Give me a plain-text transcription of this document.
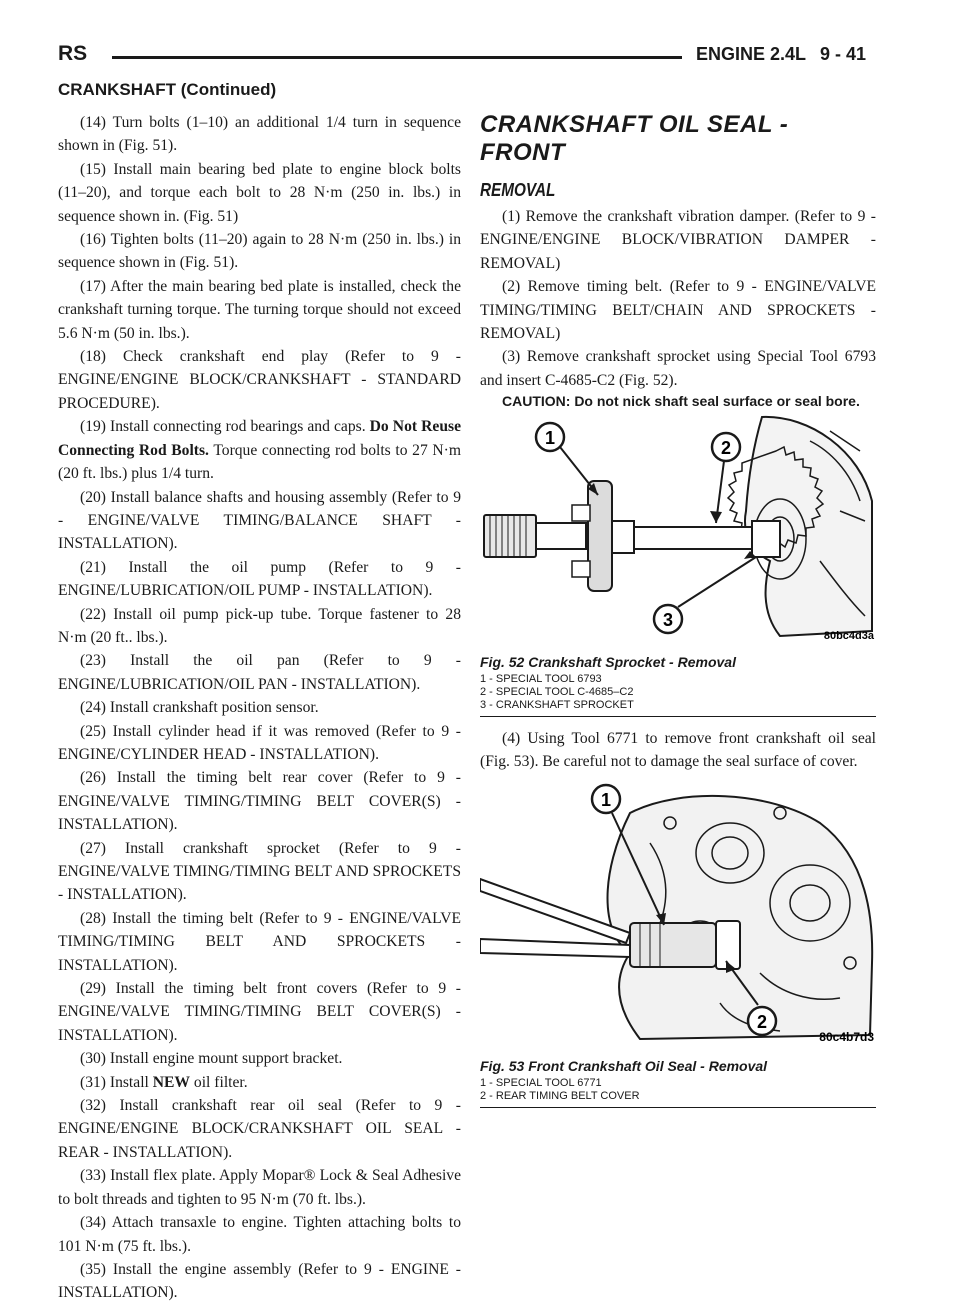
RS	ENGINE 2.4L 9 - 41
CRANKSHAFT (Continued)

(14) Turn bolts (1–10) an additional 1/4 turn in sequence shown in (Fig. 51).

(15) Install main bearing bed plate to engine block bolts (11–20), and torque each bolt to 28 N·m (250 in. lbs.) in sequence shown in. (Fig. 51)

(16) Tighten bolts (11–20) again to 28 N·m (250 in. lbs.) in sequence shown in (Fig. 51).

(17) After the main bearing bed plate is installed, check the crankshaft turning torque. The turning torque should not exceed 5.6 N·m (50 in. lbs.).

(18) Check crankshaft end play (Refer to 9 - ENGINE/ENGINE BLOCK/CRANKSHAFT - STANDARD PROCEDURE).

(19) Install connecting rod bearings and caps. Do Not Reuse Connecting Rod Bolts. Torque connecting rod bolts to 27 N·m (20 ft. lbs.) plus 1/4 turn.

(20) Install balance shafts and housing assembly (Refer to 9 - ENGINE/VALVE TIMING/BALANCE SHAFT - INSTALLATION).

(21) Install the oil pump (Refer to 9 - ENGINE/LUBRICATION/OIL PUMP - INSTALLATION).

(22) Install oil pump pick-up tube. Torque fastener to 28 N·m (20 ft.. lbs.).

(23) Install the oil pan (Refer to 9 - ENGINE/LUBRICATION/OIL PAN - INSTALLATION).

(24) Install crankshaft position sensor.

(25) Install cylinder head if it was removed (Refer to 9 - ENGINE/CYLINDER HEAD - INSTALLATION).

(26) Install the timing belt rear cover (Refer to 9 - ENGINE/VALVE TIMING/TIMING BELT COVER(S) - INSTALLATION).

(27) Install crankshaft sprocket (Refer to 9 - ENGINE/VALVE TIMING/TIMING BELT AND SPROCKETS - INSTALLATION).

(28) Install the timing belt (Refer to 9 - ENGINE/VALVE TIMING/TIMING BELT AND SPROCKETS - INSTALLATION).

(29) Install the timing belt front covers (Refer to 9 - ENGINE/VALVE TIMING/TIMING BELT COVER(S) - INSTALLATION).

(30) Install engine mount support bracket.

(31) Install NEW oil filter.

(32) Install crankshaft rear oil seal (Refer to 9 - ENGINE/ENGINE BLOCK/CRANKSHAFT OIL SEAL - REAR - INSTALLATION).

(33) Install flex plate. Apply Mopar® Lock & Seal Adhesive to bolt threads and tighten to 95 N·m (70 ft. lbs.).

(34) Attach transaxle to engine. Tighten attaching bolts to 101 N·m (75 ft. lbs.).

(35) Install the engine assembly (Refer to 9 - ENGINE - INSTALLATION).

CRANKSHAFT OIL SEAL - FRONT
REMOVAL

(1) Remove the crankshaft vibration damper. (Refer to 9 - ENGINE/ENGINE BLOCK/VIBRATION DAMPER - REMOVAL)

(2) Remove timing belt. (Refer to 9 - ENGINE/VALVE TIMING/TIMING BELT/CHAIN AND SPROCKETS - REMOVAL)

(3) Remove crankshaft sprocket using Special Tool 6793 and insert C-4685-C2 (Fig. 52).

CAUTION: Do not nick shaft seal surface or seal bore.

1	2
3
80bc4d3a
Fig. 52 Crankshaft Sprocket - Removal
1 - SPECIAL TOOL 6793
2 - SPECIAL TOOL C-4685–C2
3 - CRANKSHAFT SPROCKET

(4) Using Tool 6771 to remove front crankshaft oil seal (Fig. 53). Be careful not to damage the seal surface of cover.

1
2
80c4b7d3
Fig. 53 Front Crankshaft Oil Seal - Removal
1 - SPECIAL TOOL 6771
2 - REAR TIMING BELT COVER
